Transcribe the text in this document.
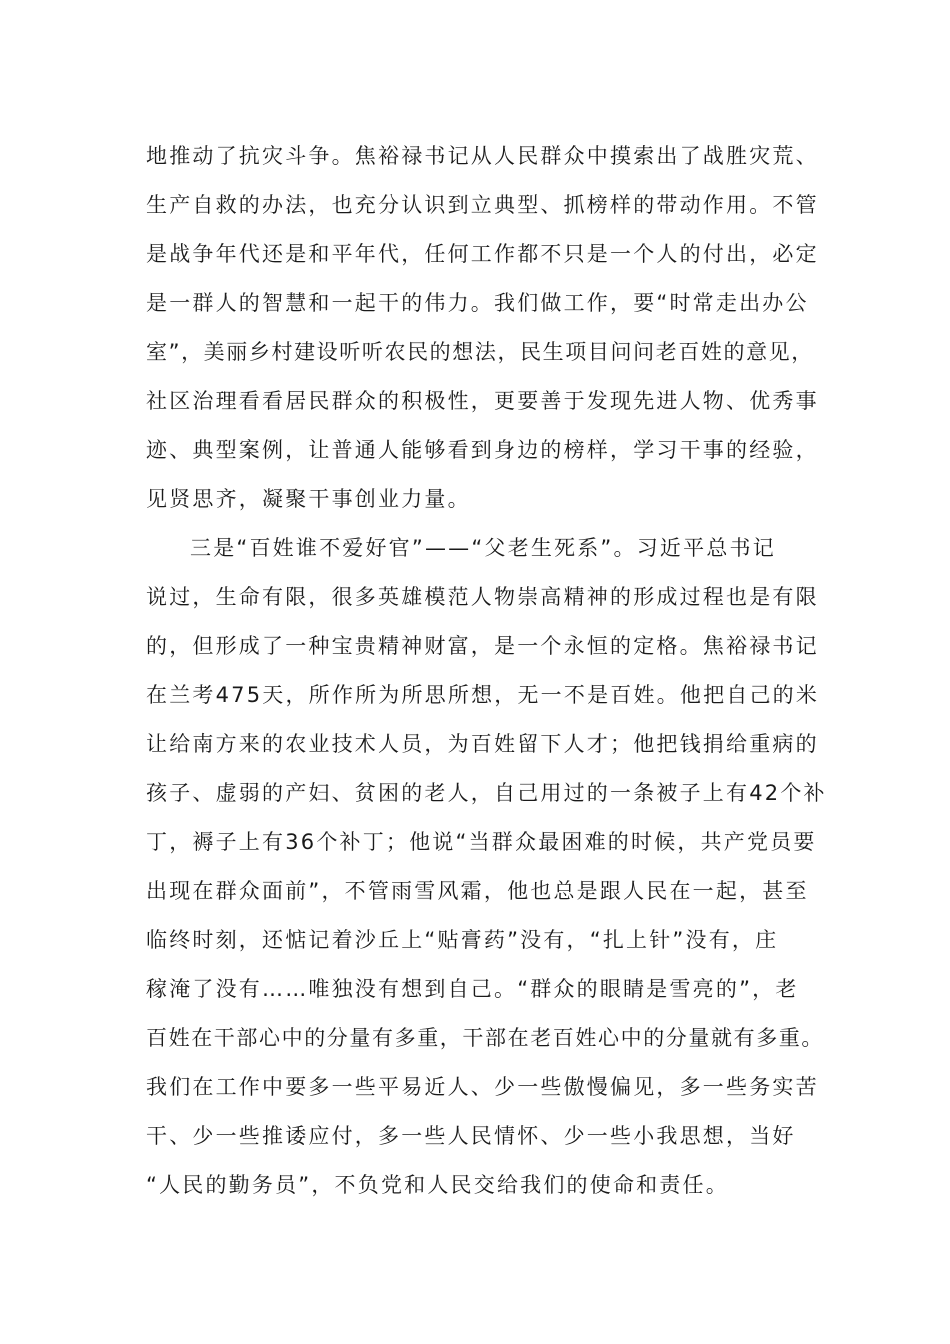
地推动了抗灾斗争。焦裕禄书记从人民群众中摸索出了战胜灾荒、
生产自救的办法，也充分认识到立典型、抓榜样的带动作用。不管
是战争年代还是和平年代，任何工作都不只是一个人的付出，必定
是一群人的智慧和一起干的伟力。我们做工作，要“时常走出办公
室”，美丽乡村建设听听农民的想法，民生项目问问老百姓的意见，
社区治理看看居民群众的积极性，更要善于发现先进人物、优秀事
迹、典型案例，让普通人能够看到身边的榜样，学习干事的经验，
见贤思齐，凝聚干事创业力量。
三是“百姓谁不爱好官”——“父老生死系”。习近平总书记
说过，生命有限，很多英雄模范人物崇高精神的形成过程也是有限
的，但形成了一种宝贵精神财富，是一个永恒的定格。焦裕禄书记
在兰考475天，所作所为所思所想，无一不是百姓。他把自己的米
让给南方来的农业技术人员，为百姓留下人才；他把钱捐给重病的
孩子、虚弱的产妇、贫困的老人，自己用过的一条被子上有42个补
丁，褥子上有36个补丁；他说“当群众最困难的时候，共产党员要
出现在群众面前”，不管雨雪风霜，他也总是跟人民在一起，甚至
临终时刻，还惦记着沙丘上“贴膏药”没有，“扎上针”没有，庄
稼淹了没有……唯独没有想到自己。“群众的眼睛是雪亮的”，老
百姓在干部心中的分量有多重，干部在老百姓心中的分量就有多重。
我们在工作中要多一些平易近人、少一些傲慢偏见，多一些务实苦
干、少一些推诿应付，多一些人民情怀、少一些小我思想，当好
“人民的勤务员”，不负党和人民交给我们的使命和责任。
